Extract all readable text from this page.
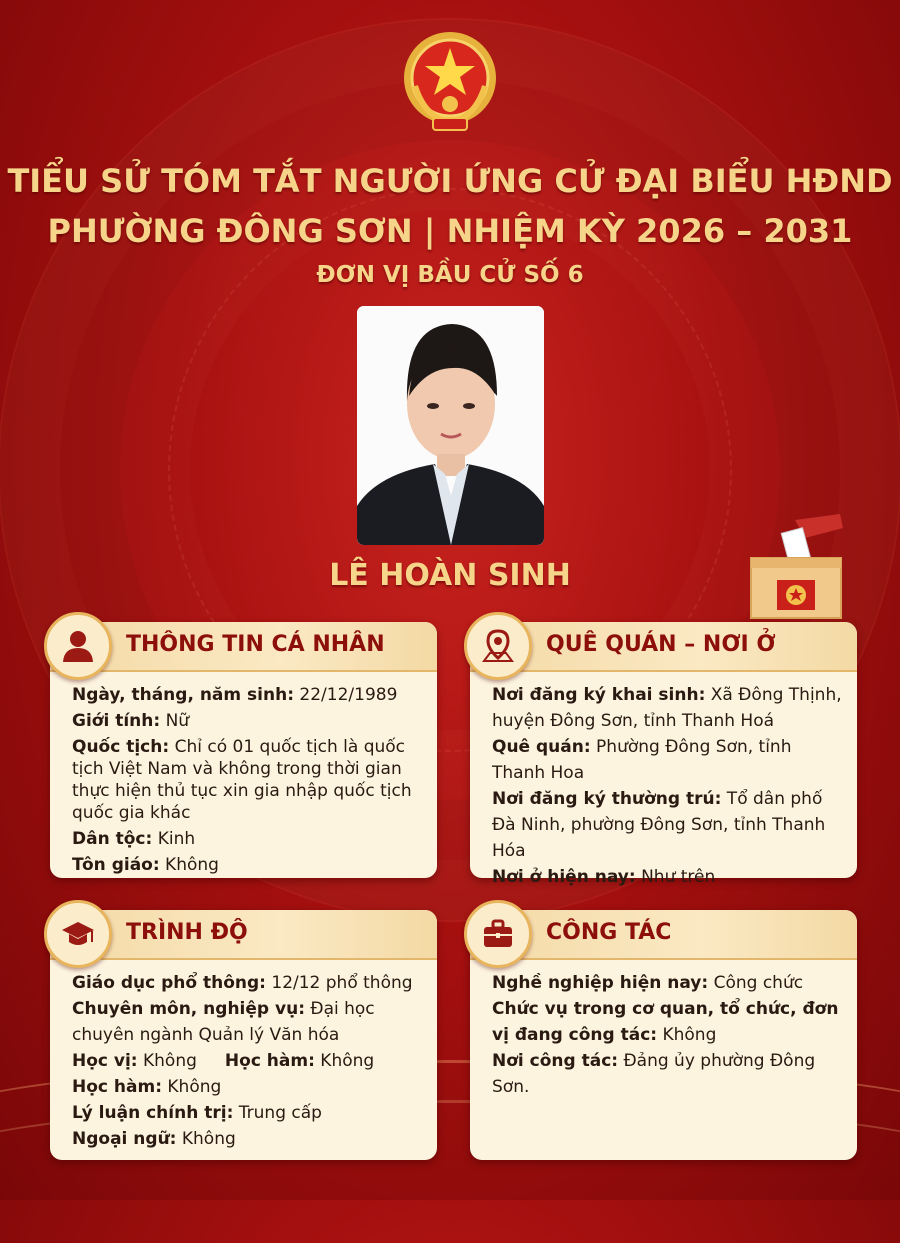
TIỂU SỬ TÓM TẮT NGƯỜI ỨNG CỬ ĐẠI BIỂU HĐND
PHƯỜNG ĐÔNG SƠN | NHIỆM KỲ 2026 – 2031
ĐƠN VỊ BẦU CỬ SỐ 6
LÊ HOÀN SINH
THÔNG TIN CÁ NHÂN

Ngày, tháng, năm sinh: 22/12/1989

Giới tính: Nữ

Quốc tịch: Chỉ có 01 quốc tịch là quốc tịch Việt Nam và không trong thời gian thực hiện thủ tục xin gia nhập quốc tịch quốc gia khác

Dân tộc: Kinh

Tôn giáo: Không

QUÊ QUÁN – NƠI Ở

Nơi đăng ký khai sinh: Xã Đông Thịnh, huyện Đông Sơn, tỉnh Thanh Hoá

Quê quán: Phường Đông Sơn, tỉnh Thanh Hoa

Nơi đăng ký thường trú: Tổ dân phố Đà Ninh, phường Đông Sơn, tỉnh Thanh Hóa

Nơi ở hiện nay: Như trên

TRÌNH ĐỘ

Giáo dục phổ thông: 12/12 phổ thông

Chuyên môn, nghiệp vụ: Đại học chuyên ngành Quản lý Văn hóa

Học vị: Không Học hàm: Không

Học hàm: Không

Lý luận chính trị: Trung cấp

Ngoại ngữ: Không

CÔNG TÁC

Nghề nghiệp hiện nay: Công chức

Chức vụ trong cơ quan, tổ chức, đơn vị đang công tác: Không

Nơi công tác: Đảng ủy phường Đông Sơn.
